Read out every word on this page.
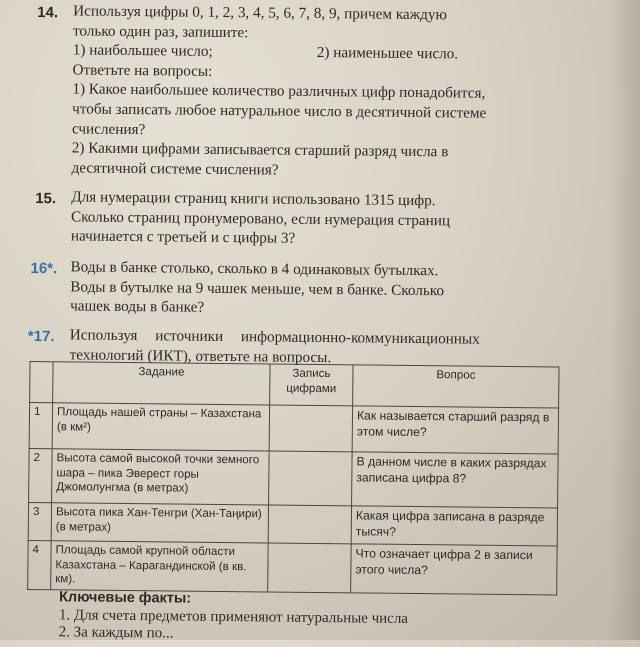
14. Используя цифры 0, 1, 2, 3, 4, 5, 6, 7, 8, 9, причем каждую

только один раз, запишите:

1) наибольшее число;	2) наименьшее число.

Ответьте на вопросы:

1) Какое наибольшее количество различных цифр понадобится,

чтобы записать любое натуральное число в десятичной системе

счисления?

2) Какими цифрами записывается старший разряд числа в

десятичной системе счисления?

15. Для нумерации страниц книги использовано 1315 цифр.

Сколько страниц пронумеровано, если нумерация страниц

начинается с третьей и с цифры 3?

16*. Воды в банке столько, сколько в 4 одинаковых бутылках.

Воды в бутылке на 9 чашек меньше, чем в банке. Сколько

чашек воды в банке?

*17. Используя источники информационно-коммуникационных

технологий (ИКТ), ответьте на вопросы.

	Задание	Запись цифрами	Вопрос
1	Площадь нашей страны – Казахстана (в км²)		Как называется старший разряд в этом числе?
2	Высота самой высокой точки земного шара – пика Эверест горы Джомолунгма (в метрах)		В данном числе в каких разрядах записана цифра 8?
3	Высота пика Хан-Тенгри (Хан-Таңири) (в метрах)		Какая цифра записана в разряде тысяч?
4	Площадь самой крупной области Казахстана – Карагандинской (в кв. км).		Что означает цифра 2 в записи этого числа?
Ключевые факты:
1. Для счета предметов применяют натуральные числа
2. За каждым по...
